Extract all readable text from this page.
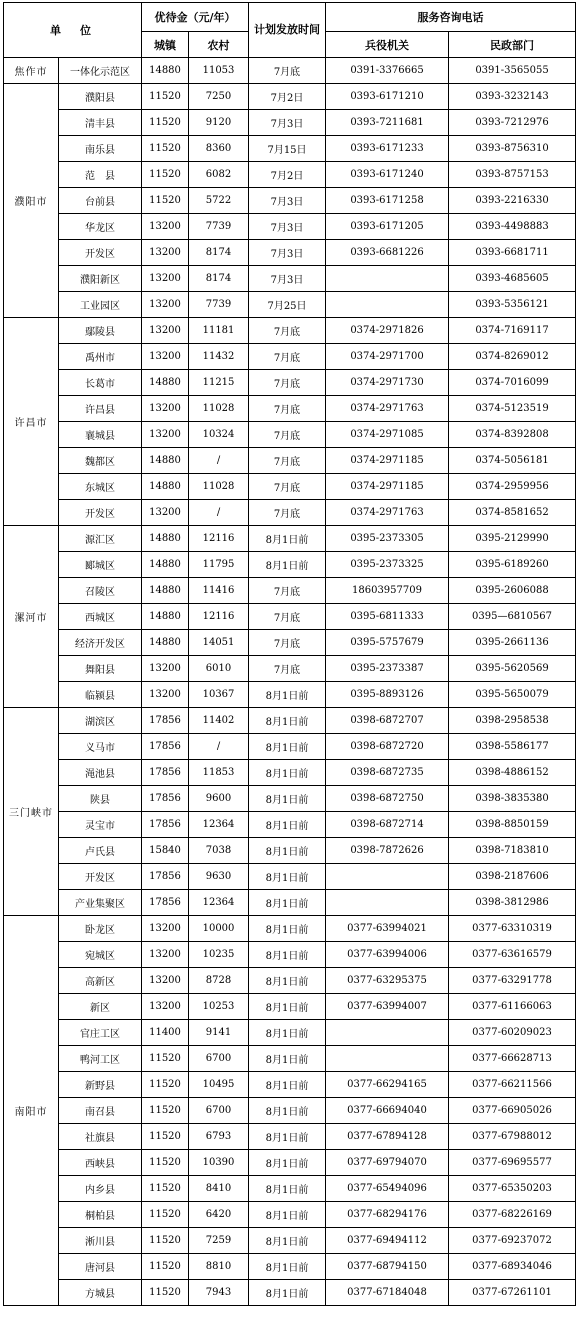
单　位		优待金（元/年）		计划发放时间	服务咨询电话	
		城镇	农村		兵役机关	民政部门
焦作市	一体化示范区	14880	11053	7月底	0391-3376665	0391-3565055
濮阳市	濮阳县	11520	7250	7月2日	0393-6171210	0393-3232143
	清丰县	11520	9120	7月3日	0393-7211681	0393-7212976
	南乐县	11520	8360	7月15日	0393-6171233	0393-8756310
	范　县	11520	6082	7月2日	0393-6171240	0393-8757153
	台前县	11520	5722	7月3日	0393-6171258	0393-2216330
	华龙区	13200	7739	7月3日	0393-6171205	0393-4498883
	开发区	13200	8174	7月3日	0393-6681226	0393-6681711
	濮阳新区	13200	8174	7月3日		0393-4685605
	工业园区	13200	7739	7月25日		0393-5356121
许昌市	鄢陵县	13200	11181	7月底	0374-2971826	0374-7169117
	禹州市	13200	11432	7月底	0374-2971700	0374-8269012
	长葛市	14880	11215	7月底	0374-2971730	0374-7016099
	许昌县	13200	11028	7月底	0374-2971763	0374-5123519
	襄城县	13200	10324	7月底	0374-2971085	0374-8392808
	魏都区	14880	/	7月底	0374-2971185	0374-5056181
	东城区	14880	11028	7月底	0374-2971185	0374-2959956
	开发区	13200	/	7月底	0374-2971763	0374-8581652
漯河市	源汇区	14880	12116	8月1日前	0395-2373305	0395-2129990
	郾城区	14880	11795	8月1日前	0395-2373325	0395-6189260
	召陵区	14880	11416	7月底	18603957709	0395-2606088
	西城区	14880	12116	7月底	0395-6811333	0395—6810567
	经济开发区	14880	14051	7月底	0395-5757679	0395-2661136
	舞阳县	13200	6010	7月底	0395-2373387	0395-5620569
	临颍县	13200	10367	8月1日前	0395-8893126	0395-5650079
三门峡市	湖滨区	17856	11402	8月1日前	0398-6872707	0398-2958538
	义马市	17856	/	8月1日前	0398-6872720	0398-5586177
	渑池县	17856	11853	8月1日前	0398-6872735	0398-4886152
	陕县	17856	9600	8月1日前	0398-6872750	0398-3835380
	灵宝市	17856	12364	8月1日前	0398-6872714	0398-8850159
	卢氏县	15840	7038	8月1日前	0398-7872626	0398-7183810
	开发区	17856	9630	8月1日前		0398-2187606
	产业集聚区	17856	12364	8月1日前		0398-3812986
南阳市	卧龙区	13200	10000	8月1日前	0377-63994021	0377-63310319
	宛城区	13200	10235	8月1日前	0377-63994006	0377-63616579
	高新区	13200	8728	8月1日前	0377-63295375	0377-63291778
	新区	13200	10253	8月1日前	0377-63994007	0377-61166063
	官庄工区	11400	9141	8月1日前		0377-60209023
	鸭河工区	11520	6700	8月1日前		0377-66628713
	新野县	11520	10495	8月1日前	0377-66294165	0377-66211566
	南召县	11520	6700	8月1日前	0377-66694040	0377-66905026
	社旗县	11520	6793	8月1日前	0377-67894128	0377-67988012
	西峡县	11520	10390	8月1日前	0377-69794070	0377-69695577
	内乡县	11520	8410	8月1日前	0377-65494096	0377-65350203
	桐柏县	11520	6420	8月1日前	0377-68294176	0377-68226169
	淅川县	11520	7259	8月1日前	0377-69494112	0377-69237072
	唐河县	11520	8810	8月1日前	0377-68794150	0377-68934046
	方城县	11520	7943	8月1日前	0377-67184048	0377-67261101
